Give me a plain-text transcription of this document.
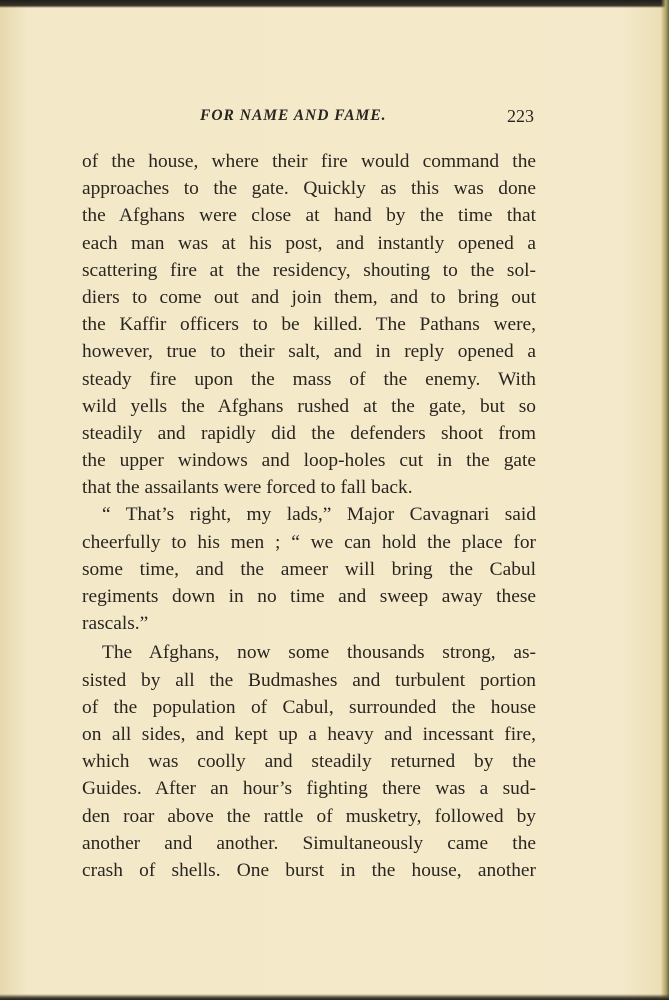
FOR NAME AND FAME.	223
of the house, where their fire would command the
approaches to the gate. Quickly as this was done
the Afghans were close at hand by the time that
each man was at his post, and instantly opened a
scattering fire at the residency, shouting to the sol-
diers to come out and join them, and to bring out
the Kaffir officers to be killed. The Pathans were,
however, true to their salt, and in reply opened a
steady fire upon the mass of the enemy. With
wild yells the Afghans rushed at the gate, but so
steadily and rapidly did the defenders shoot from
the upper windows and loop-holes cut in the gate
that the assailants were forced to fall back.
“ That’s right, my lads,” Major Cavagnari said
cheerfully to his men ; “ we can hold the place for
some time, and the ameer will bring the Cabul
regiments down in no time and sweep away these
rascals.”
The Afghans, now some thousands strong, as-
sisted by all the Budmashes and turbulent portion
of the population of Cabul, surrounded the house
on all sides, and kept up a heavy and incessant fire,
which was coolly and steadily returned by the
Guides. After an hour’s fighting there was a sud-
den roar above the rattle of musketry, followed by
another and another. Simultaneously came the
crash of shells. One burst in the house, another
